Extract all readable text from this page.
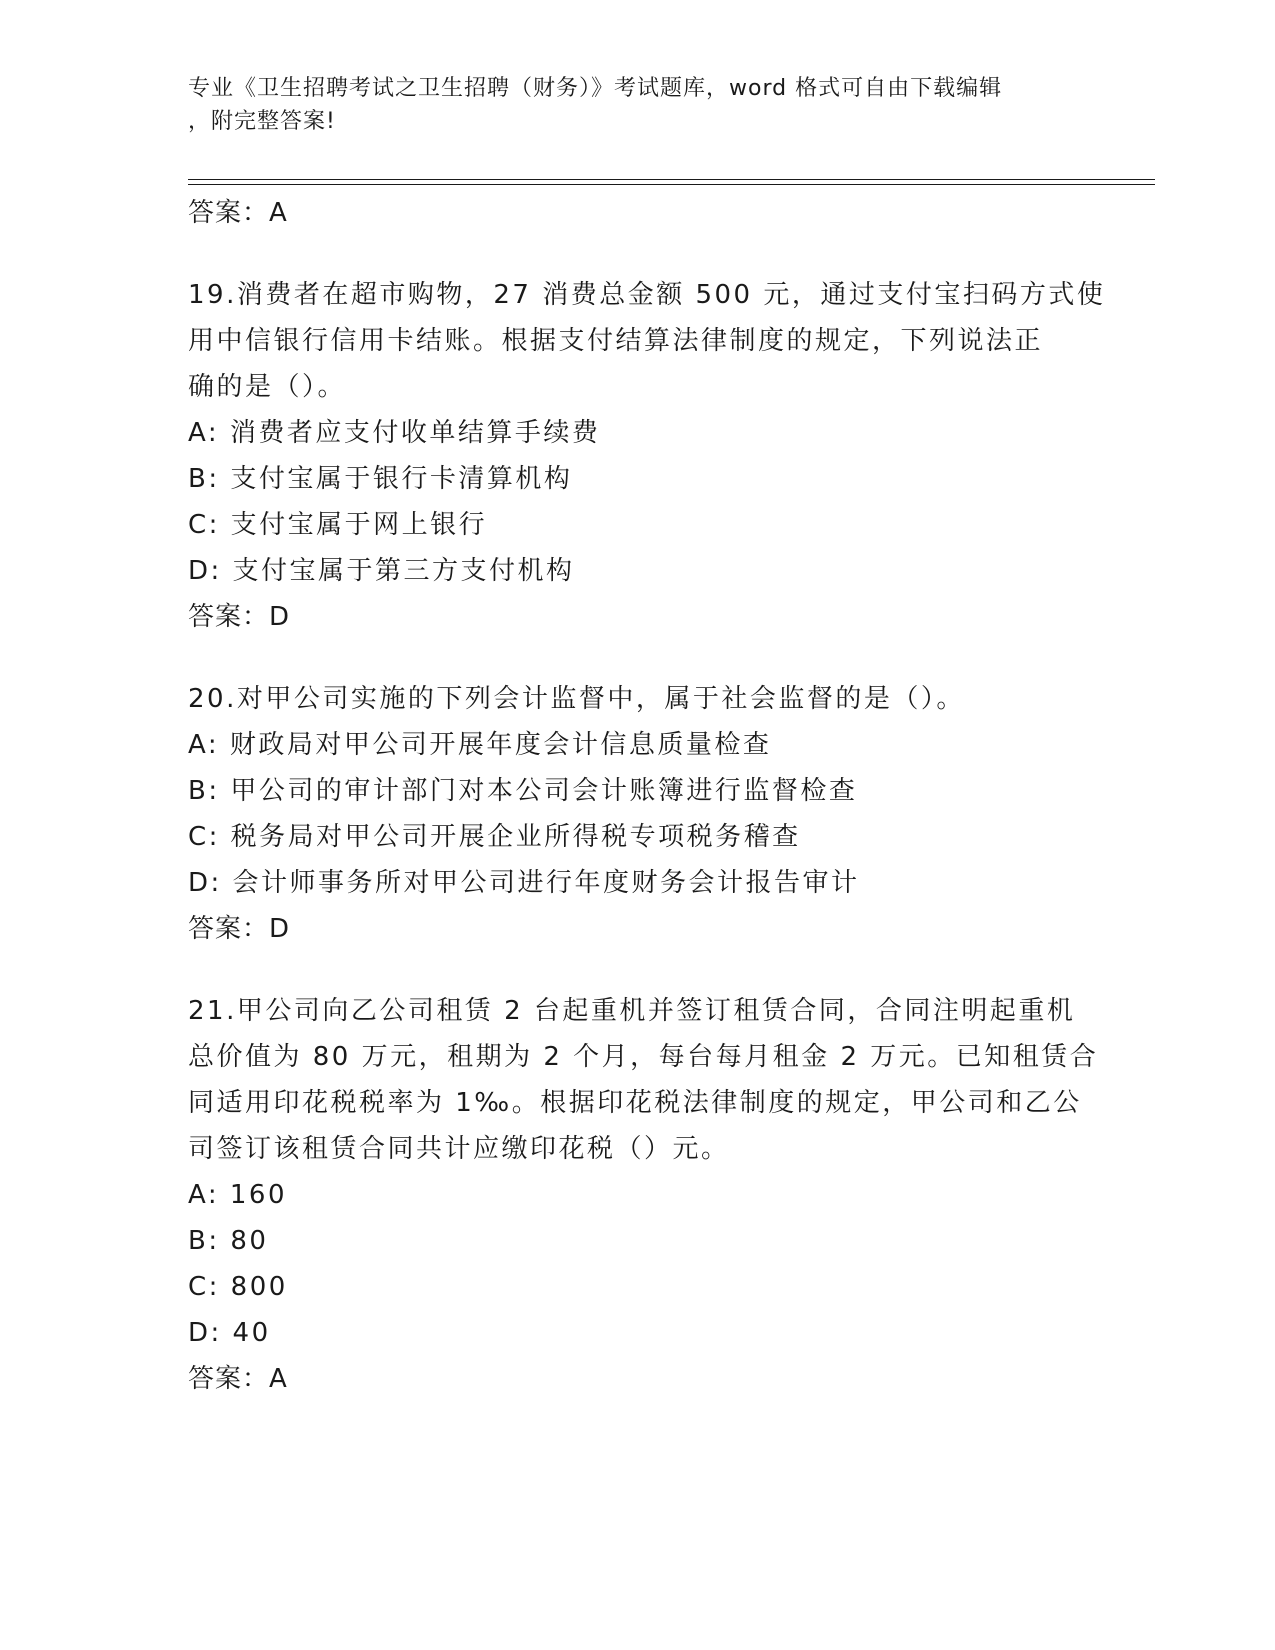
专业《卫生招聘考试之卫生招聘（财务）》考试题库，word 格式可自由下载编辑
，附完整答案!
答案：A
19.消费者在超市购物，27 消费总金额 500 元，通过支付宝扫码方式使
用中信银行信用卡结账。根据支付结算法律制度的规定，下列说法正
确的是（）。
A: 消费者应支付收单结算手续费
B: 支付宝属于银行卡清算机构
C: 支付宝属于网上银行
D: 支付宝属于第三方支付机构
答案：D
20.对甲公司实施的下列会计监督中，属于社会监督的是（）。
A: 财政局对甲公司开展年度会计信息质量检查
B: 甲公司的审计部门对本公司会计账簿进行监督检查
C: 税务局对甲公司开展企业所得税专项税务稽查
D: 会计师事务所对甲公司进行年度财务会计报告审计
答案：D
21.甲公司向乙公司租赁 2 台起重机并签订租赁合同，合同注明起重机
总价值为 80 万元，租期为 2 个月，每台每月租金 2 万元。已知租赁合
同适用印花税税率为 1‰。根据印花税法律制度的规定，甲公司和乙公
司签订该租赁合同共计应缴印花税（）元。
A: 160
B: 80
C: 800
D: 40
答案：A
